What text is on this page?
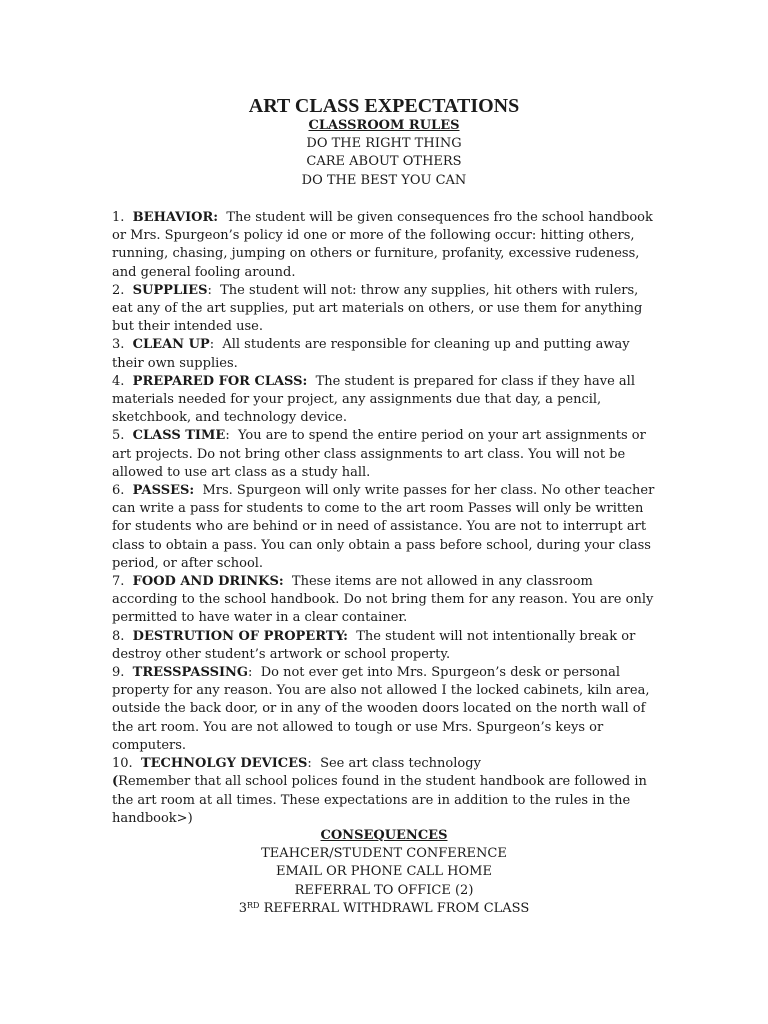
ART CLASS EXPECTATIONS
CLASSROOM RULES
DO THE RIGHT THING
CARE ABOUT OTHERS
DO THE BEST YOU CAN

1. BEHAVIOR: The student will be given consequences fro the school handbook or Mrs. Spurgeon’s policy id one or more of the following occur: hitting others, running, chasing, jumping on others or furniture, profanity, excessive rudeness, and general fooling around.

2. SUPPLIES: The student will not: throw any supplies, hit others with rulers, eat any of the art supplies, put art materials on others, or use them for anything but their intended use.

3. CLEAN UP: All students are responsible for cleaning up and putting away their own supplies.

4. PREPARED FOR CLASS: The student is prepared for class if they have all materials needed for your project, any assignments due that day, a pencil, sketchbook, and technology device.

5. CLASS TIME: You are to spend the entire period on your art assignments or art projects. Do not bring other class assignments to art class. You will not be allowed to use art class as a study hall.

6. PASSES: Mrs. Spurgeon will only write passes for her class. No other teacher can write a pass for students to come to the art room Passes will only be written for students who are behind or in need of assistance. You are not to interrupt art class to obtain a pass. You can only obtain a pass before school, during your class period, or after school.

7. FOOD AND DRINKS: These items are not allowed in any classroom according to the school handbook. Do not bring them for any reason. You are only permitted to have water in a clear container.

8. DESTRUTION OF PROPERTY: The student will not intentionally break or destroy other student’s artwork or school property.

9. TRESSPASSING: Do not ever get into Mrs. Spurgeon’s desk or personal property for any reason. You are also not allowed I the locked cabinets, kiln area, outside the back door, or in any of the wooden doors located on the north wall of the art room. You are not allowed to tough or use Mrs. Spurgeon’s keys or computers.

10. TECHNOLGY DEVICES: See art class technology

(Remember that all school polices found in the student handbook are followed in the art room at all times. These expectations are in addition to the rules in the handbook>)

CONSEQUENCES
TEAHCER/STUDENT CONFERENCE
EMAIL OR PHONE CALL HOME
REFERRAL TO OFFICE (2)
3RD REFERRAL WITHDRAWL FROM CLASS
